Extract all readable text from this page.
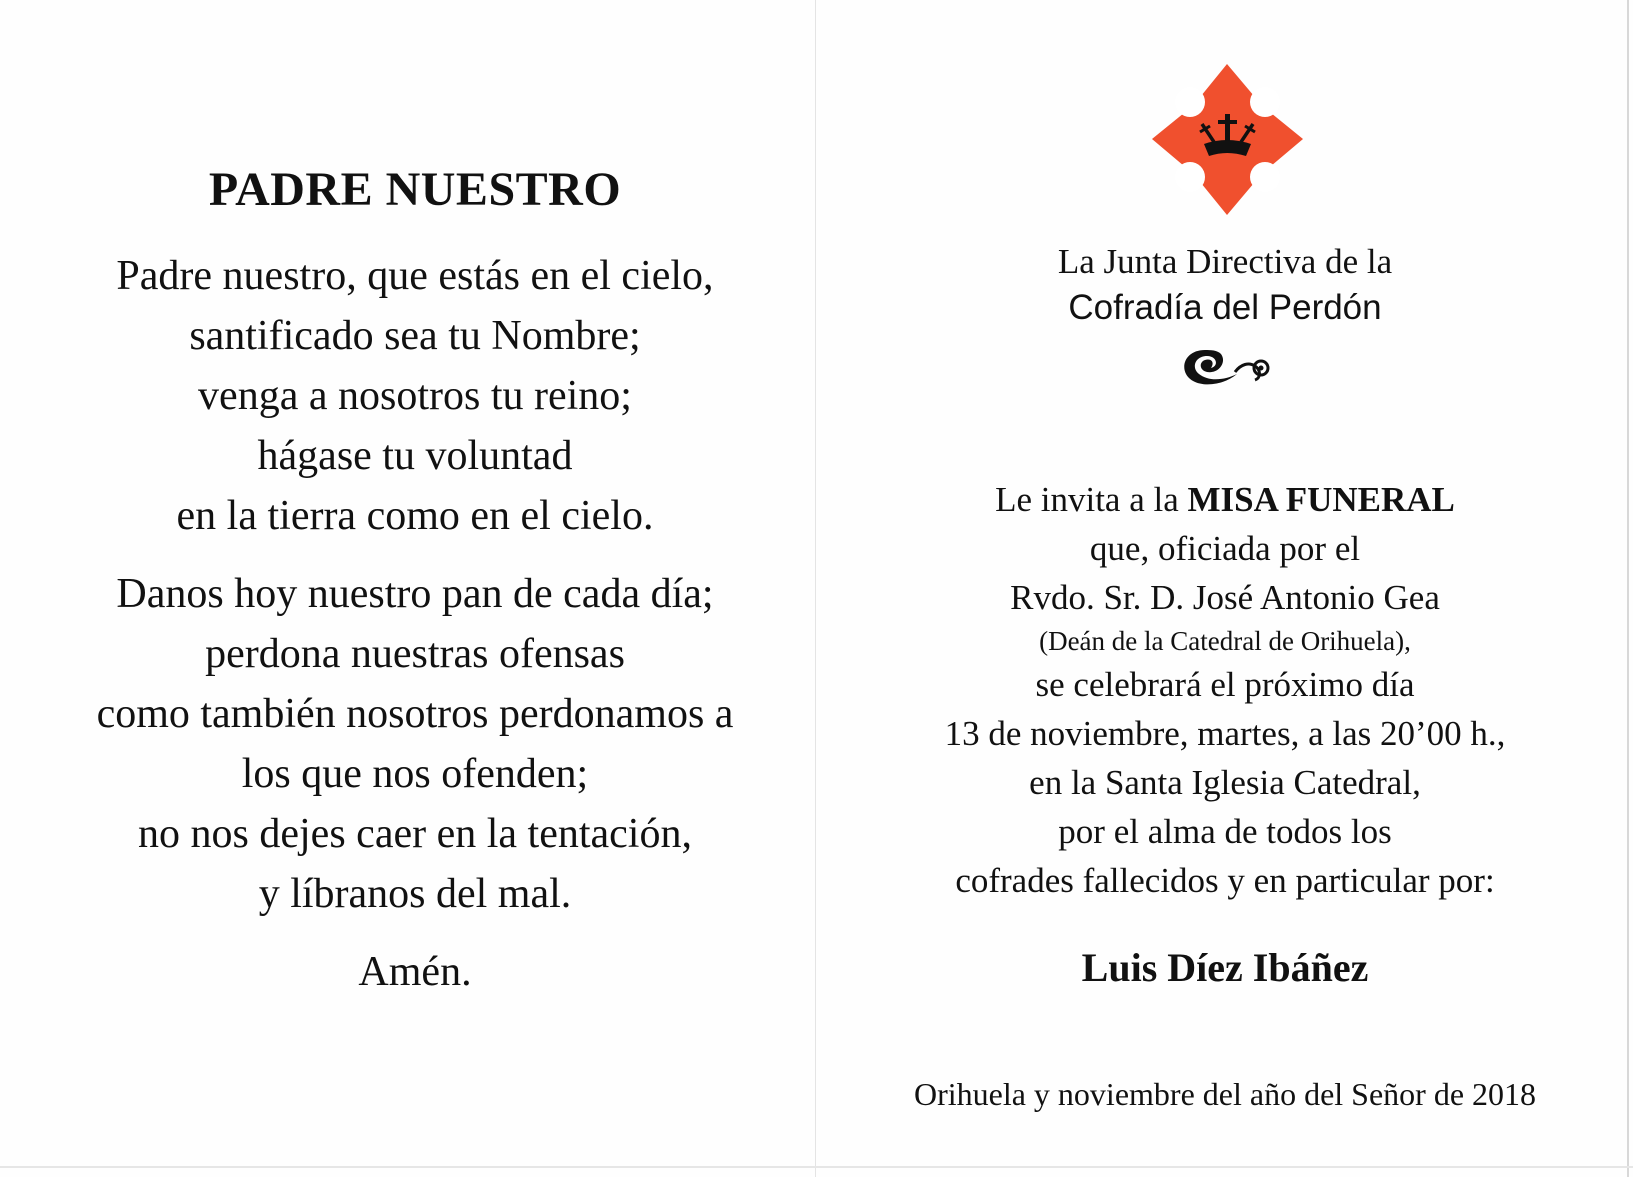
PADRE NUESTRO
Padre nuestro, que estás en el cielo,
santificado sea tu Nombre;
venga a nosotros tu reino;
hágase tu voluntad
en la tierra como en el cielo.
Danos hoy nuestro pan de cada día;
perdona nuestras ofensas
como también nosotros perdonamos a
los que nos ofenden;
no nos dejes caer en la tentación,
y líbranos del mal.
Amén.
La Junta Directiva de la
Cofradía del Perdón
Le invita a la MISA FUNERAL
que, oficiada por el
Rvdo. Sr. D. José Antonio Gea
(Deán de la Catedral de Orihuela),
se celebrará el próximo día
13 de noviembre, martes, a las 20’00 h.,
en la Santa Iglesia Catedral,
por el alma de todos los
cofrades fallecidos y en particular por:
Luis Díez Ibáñez
Orihuela y noviembre del año del Señor de 2018
